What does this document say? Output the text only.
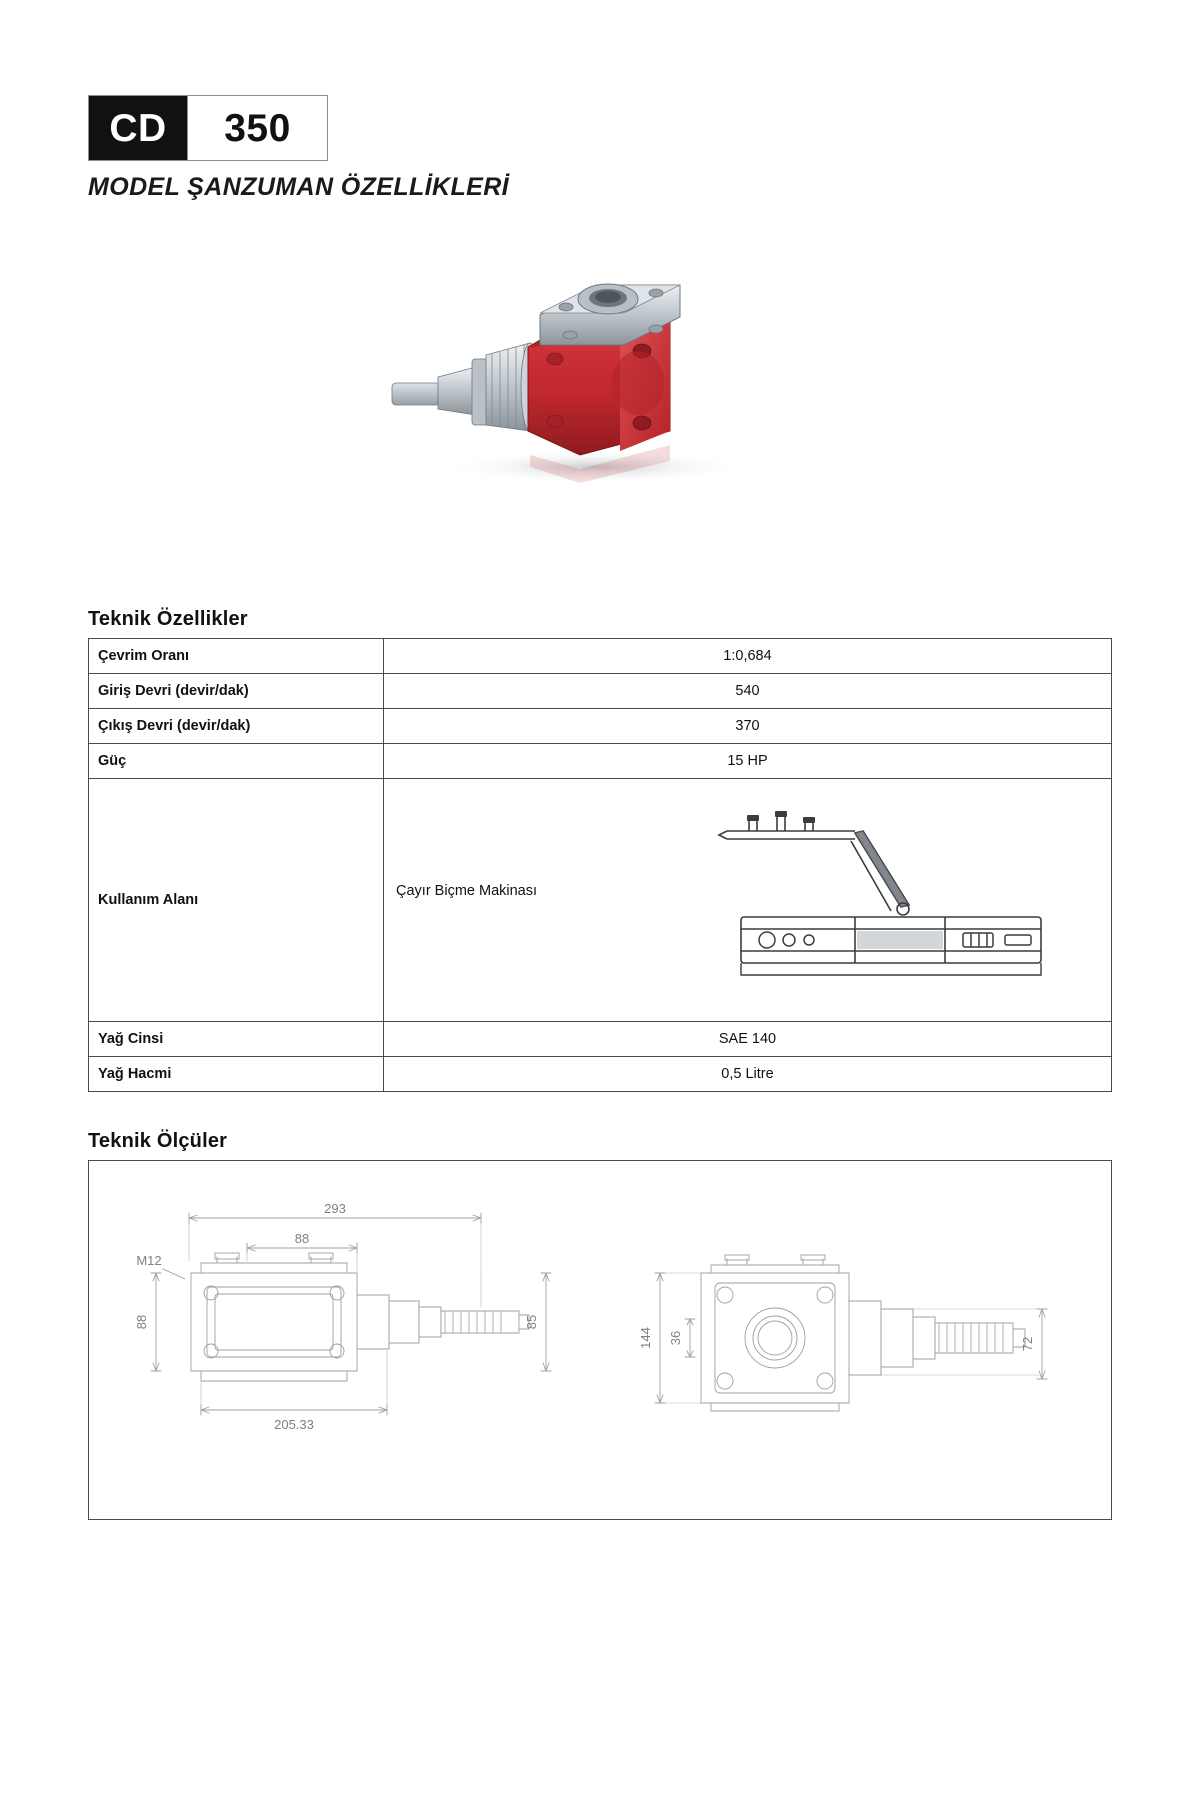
CD 350
MODEL ŞANZUMAN ÖZELLİKLERİ
Teknik Özellikler
Çevrim Oranı	1:0,684
Giriş Devri (devir/dak)	540
Çıkış Devri (devir/dak)	370
Güç	15 HP
Kullanım Alanı	Çayır Biçme Makinası

Yağ Cinsi	SAE 140
Yağ Hacmi	0,5 Litre
Teknik Ölçüler
293
88
M12
88	85
205.33
144 36	72
